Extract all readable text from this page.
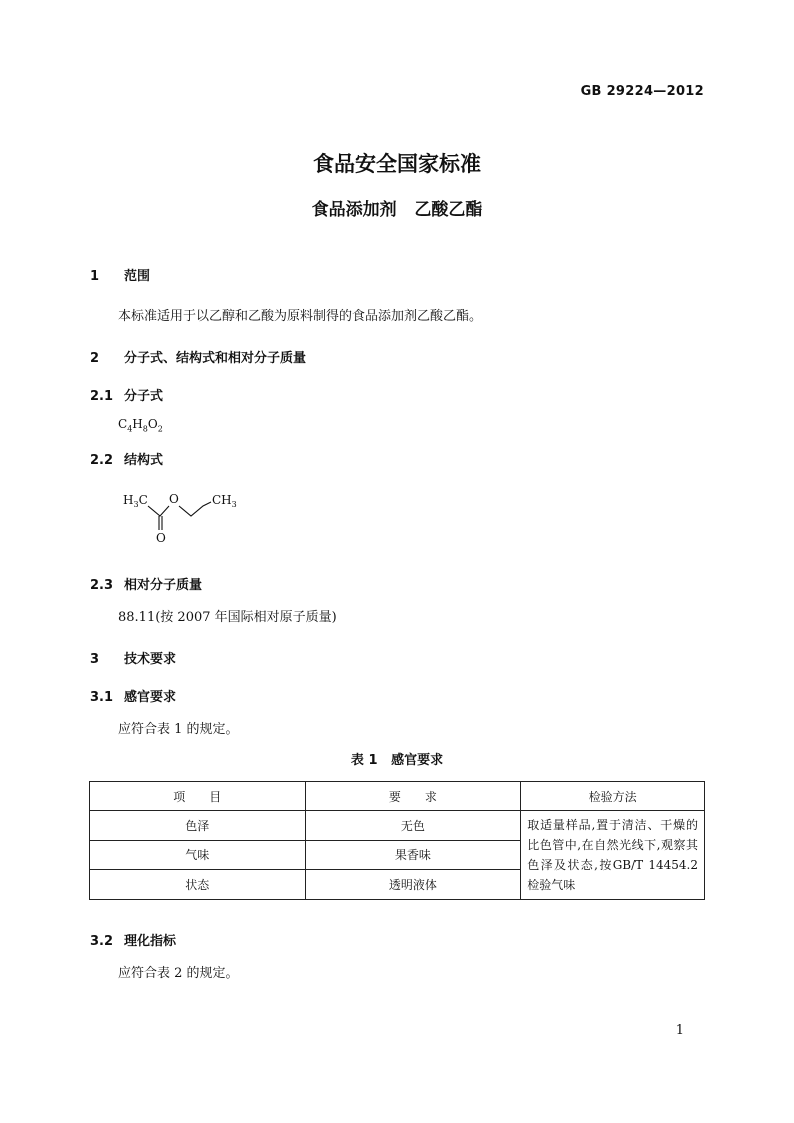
GB 29224—2012
食品安全国家标准
食品添加剂   乙酸乙酯
1 范围
本标准适用于以乙醇和乙酸为原料制得的食品添加剂乙酸乙酯。
2 分子式、结构式和相对分子质量
2.1 分子式
$C_4H_8O_2$
2.2 结构式
$H_3C$ O	$CH_3$
O
2.3 相对分子质量
88.11(按 2007 年国际相对原子质量)
3 技术要求
3.1 感官要求
应符合表 1 的规定。
表 1   感官要求
项　　目	要　　求	检验方法
色泽	无色	取适量样品,置于清洁、干燥的比色管中,在自然光线下,观察其色泽及状态,按GB/T 14454.2检验气味
气味	果香味	
状态	透明液体	
3.2 理化指标
应符合表 2 的规定。
1
